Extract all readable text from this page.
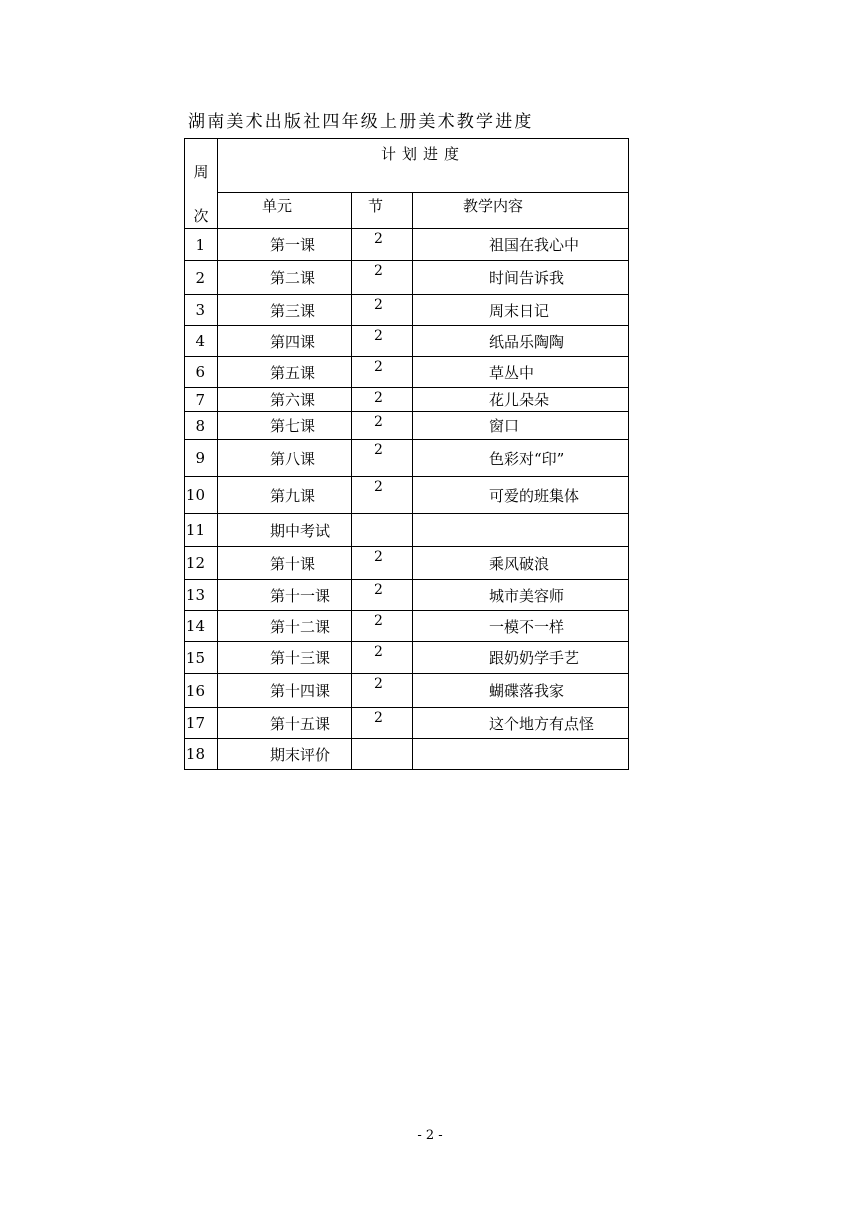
湖南美术出版社四年级上册美术教学进度
周
次	计划进度		
	单元	节	教学内容
1	第一课	2	祖国在我心中
2	第二课	2	时间告诉我
3	第三课	2	周末日记
4	第四课	2	纸品乐陶陶
6	第五课	2	草丛中
7	第六课	2	花儿朵朵
8	第七课	2	窗口
9	第八课	2	色彩对“印”
10	第九课	2	可爱的班集体
11	期中考试		
12	第十课	2	乘风破浪
13	第十一课	2	城市美容师
14	第十二课	2	一模不一样
15	第十三课	2	跟奶奶学手艺
16	第十四课	2	蝴碟落我家
17	第十五课	2	这个地方有点怪
18	期末评价		
- 2 -
